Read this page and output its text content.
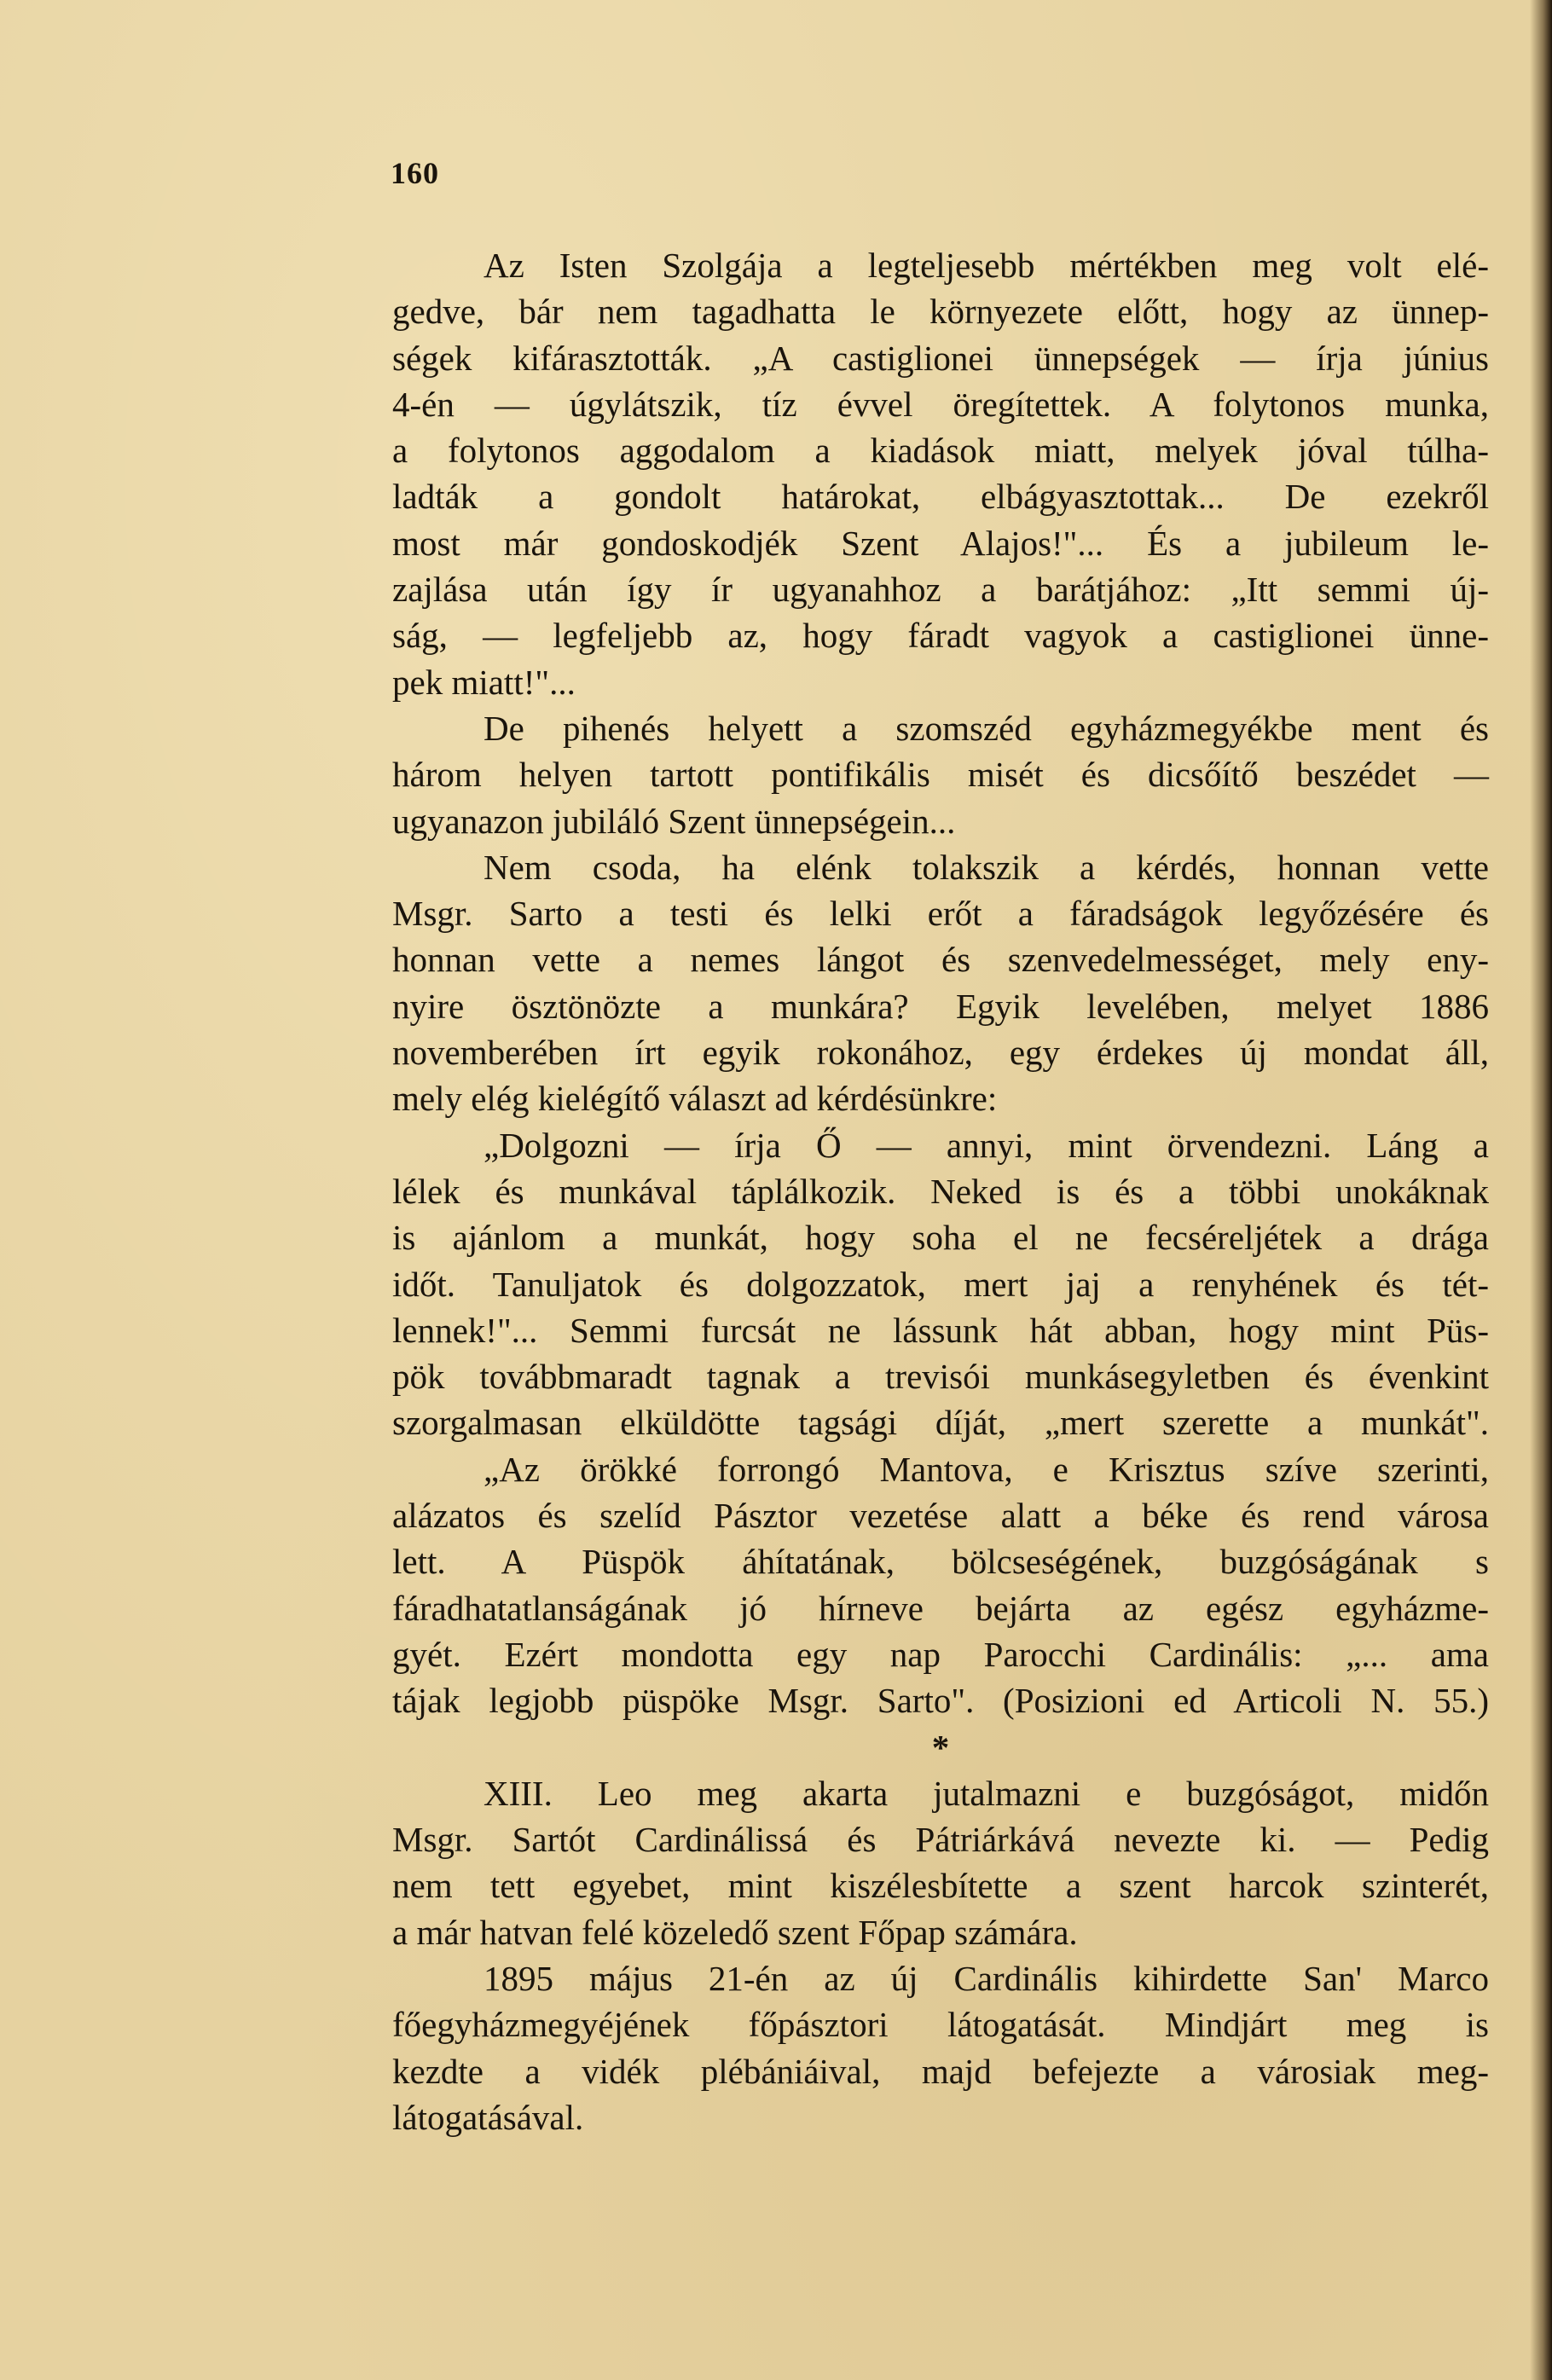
160
Az Isten Szolgája a legteljesebb mértékben meg volt elé-
gedve, bár nem tagadhatta le környezete előtt, hogy az ünnep-
ségek kifárasztották. „A castiglionei ünnepségek — írja június
4-én — úgylátszik, tíz évvel öregítettek. A folytonos munka,
a folytonos aggodalom a kiadások miatt, melyek jóval túlha-
ladták a gondolt határokat, elbágyasztottak... De ezekről
most már gondoskodjék Szent Alajos!"... És a jubileum le-
zajlása után így ír ugyanahhoz a barátjához: „Itt semmi új-
ság, — legfeljebb az, hogy fáradt vagyok a castiglionei ünne-
pek miatt!"...
De pihenés helyett a szomszéd egyházmegyékbe ment és
három helyen tartott pontifikális misét és dicsőítő beszédet —
ugyanazon jubiláló Szent ünnepségein...
Nem csoda, ha elénk tolakszik a kérdés, honnan vette
Msgr. Sarto a testi és lelki erőt a fáradságok legyőzésére és
honnan vette a nemes lángot és szenvedelmességet, mely eny-
nyire ösztönözte a munkára? Egyik levelében, melyet 1886
novemberében írt egyik rokonához, egy érdekes új mondat áll,
mely elég kielégítő választ ad kérdésünkre:
„Dolgozni — írja Ő — annyi, mint örvendezni. Láng a
lélek és munkával táplálkozik. Neked is és a többi unokáknak
is ajánlom a munkát, hogy soha el ne fecséreljétek a drága
időt. Tanuljatok és dolgozzatok, mert jaj a renyhének és tét-
lennek!"... Semmi furcsát ne lássunk hát abban, hogy mint Püs-
pök továbbmaradt tagnak a trevisói munkásegyletben és évenkint
szorgalmasan elküldötte tagsági díját, „mert szerette a munkát".
„Az örökké forrongó Mantova, e Krisztus szíve szerinti,
alázatos és szelíd Pásztor vezetése alatt a béke és rend városa
lett. A Püspök áhítatának, bölcseségének, buzgóságának s
fáradhatatlanságának jó hírneve bejárta az egész egyházme-
gyét. Ezért mondotta egy nap Parocchi Cardinális: „... ama
tájak legjobb püspöke Msgr. Sarto". (Posizioni ed Articoli N. 55.)
*
XIII. Leo meg akarta jutalmazni e buzgóságot, midőn
Msgr. Sartót Cardinálissá és Pátriárkává nevezte ki. — Pedig
nem tett egyebet, mint kiszélesbítette a szent harcok szinterét,
a már hatvan felé közeledő szent Főpap számára.
1895 május 21-én az új Cardinális kihirdette San' Marco
főegyházmegyéjének főpásztori látogatását. Mindjárt meg is
kezdte a vidék plébániáival, majd befejezte a városiak meg-
látogatásával.
